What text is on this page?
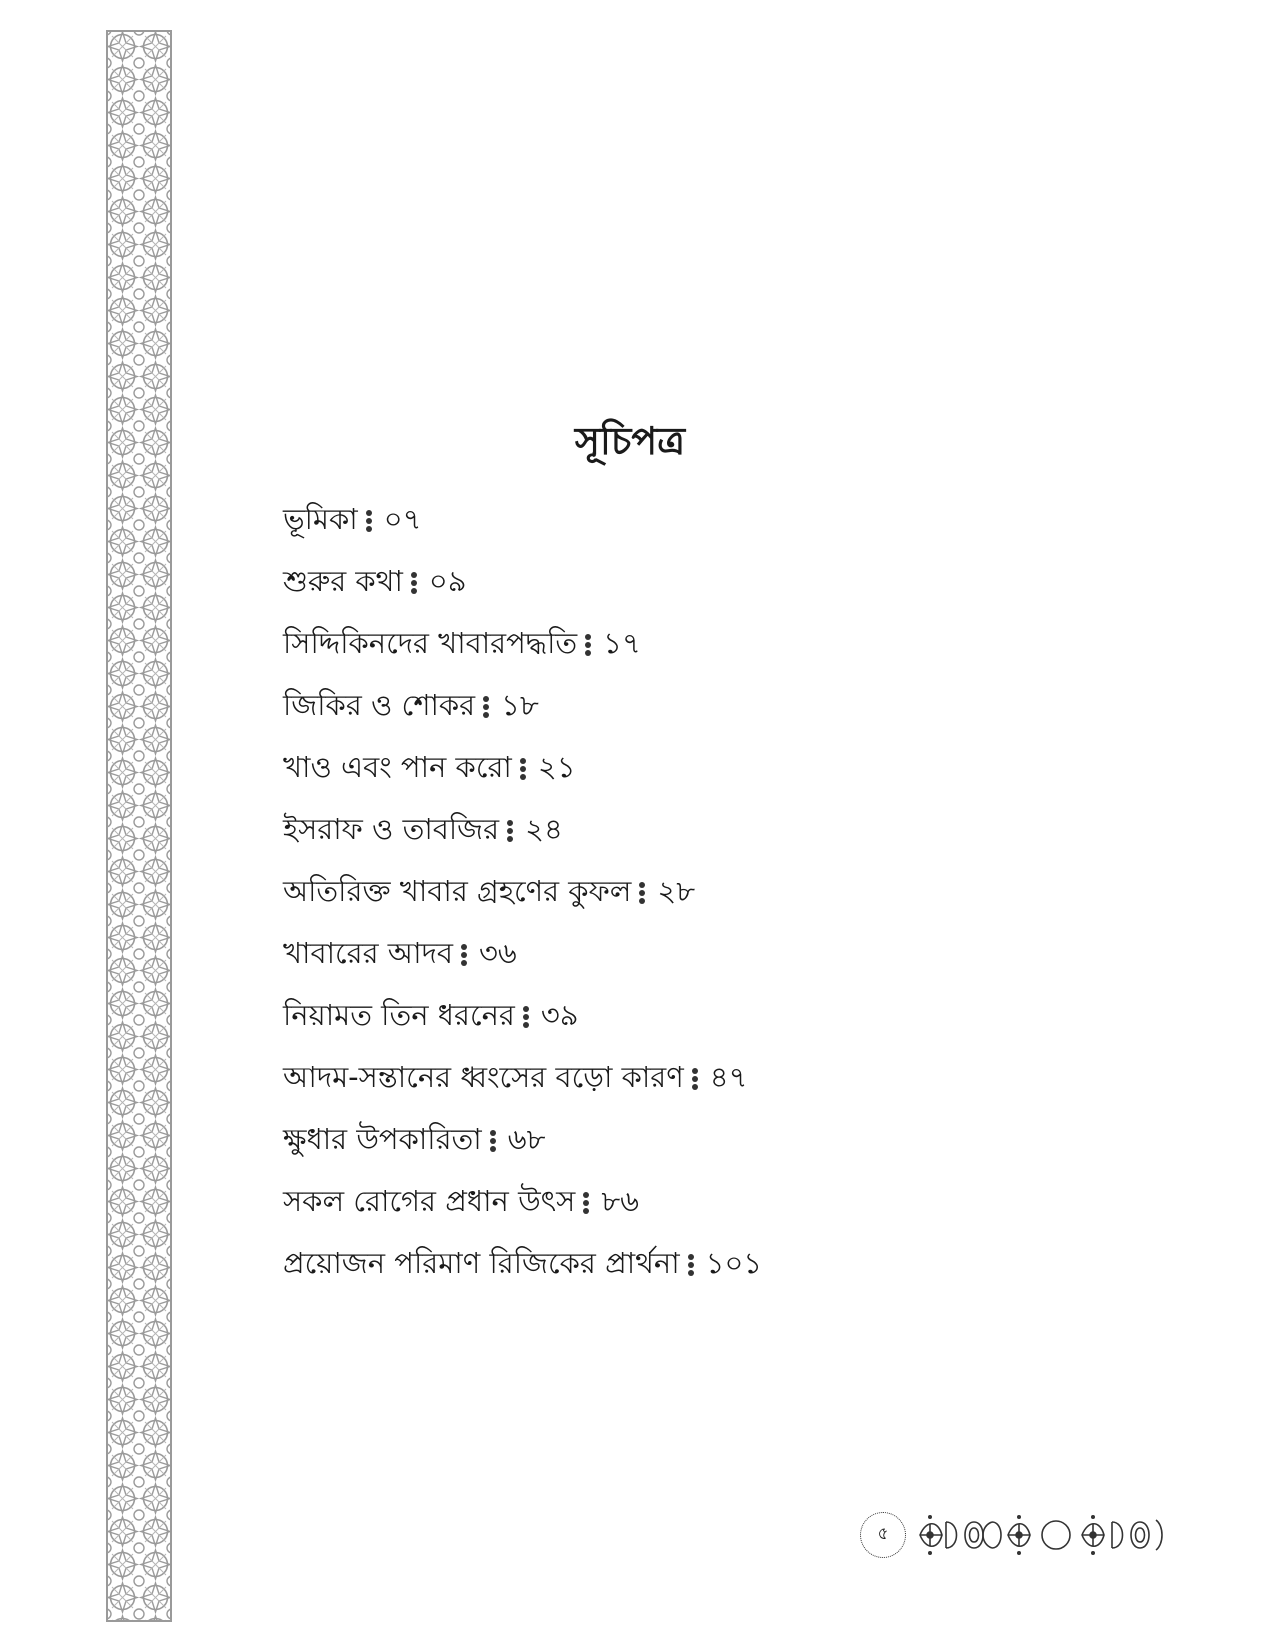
সূচিপত্র
ভূমিকা ০৭
শুরুর কথা ০৯
সিদ্দিকিনদের খাবারপদ্ধতি ১৭
জিকির ও শোকর ১৮
খাও এবং পান করো ২১
ইসরাফ ও তাবজির ২৪
অতিরিক্ত খাবার গ্রহণের কুফল ২৮
খাবারের আদব ৩৬
নিয়ামত তিন ধরনের ৩৯
আদম-সন্তানের ধ্বংসের বড়ো কারণ ৪৭
ক্ষুধার উপকারিতা ৬৮
সকল রোগের প্রধান উৎস ৮৬
প্রয়োজন পরিমাণ রিজিকের প্রার্থনা ১০১
৫
